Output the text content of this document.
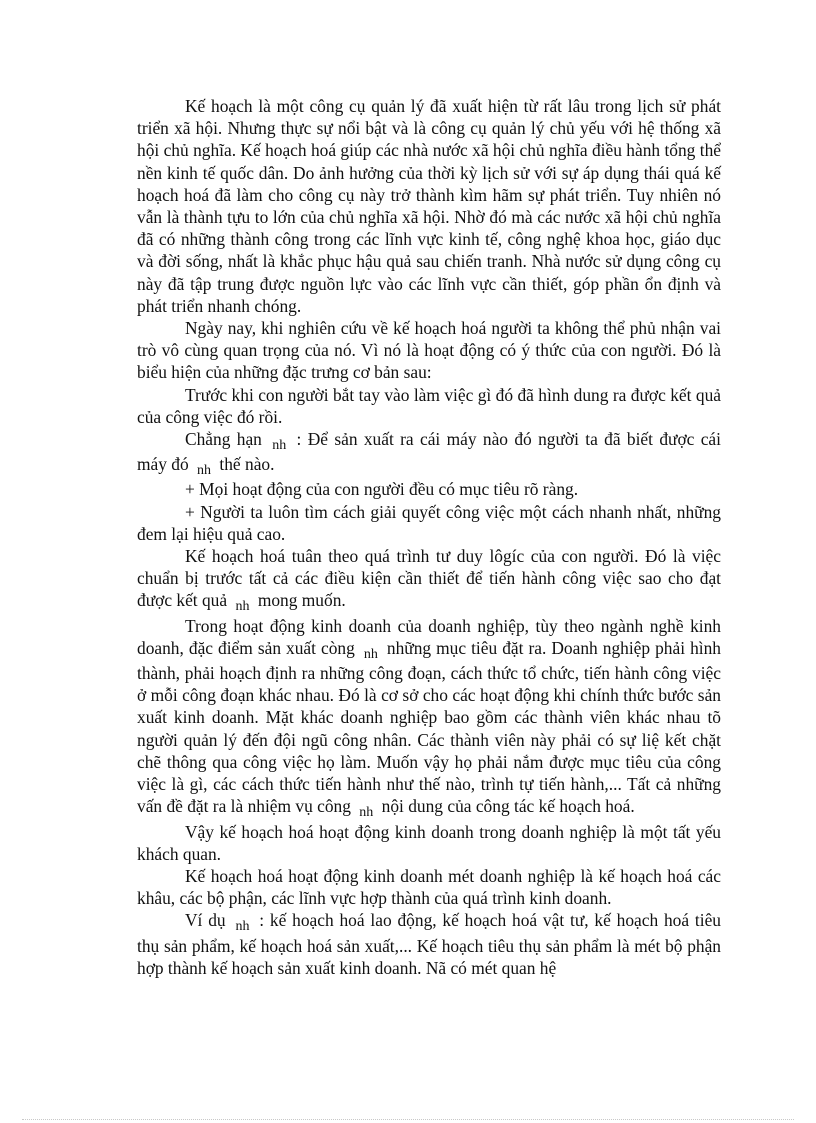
Kế hoạch là một công cụ quản lý đã xuất hiện từ rất lâu trong lịch sử phát triển xã hội. Nhưng thực sự nổi bật và là công cụ quản lý chủ yếu với hệ thống xã hội chủ nghĩa. Kế hoạch hoá giúp các nhà nước xã hội chủ nghĩa điều hành tổng thể nền kinh tế quốc dân. Do ảnh hưởng của thời kỳ lịch sử với sự áp dụng thái quá kế hoạch hoá đã làm cho công cụ này trở thành kìm hãm sự phát triển. Tuy nhiên nó vẫn là thành tựu to lớn của chủ nghĩa xã hội. Nhờ đó mà các nước xã hội chủ nghĩa đã có những thành công trong các lĩnh vực kinh tế, công nghệ khoa học, giáo dục và đời sống, nhất là khắc phục hậu quả sau chiến tranh. Nhà nước sử dụng công cụ này đã tập trung được nguồn lực vào các lĩnh vực cần thiết, góp phần ổn định và phát triển nhanh chóng.

Ngày nay, khi nghiên cứu về kế hoạch hoá người ta không thể phủ nhận vai trò vô cùng quan trọng của nó. Vì nó là hoạt động có ý thức của con người. Đó là biểu hiện của những đặc trưng cơ bản sau:

Trước khi con người bắt tay vào làm việc gì đó đã hình dung ra được kết quả của công việc đó rồi.

Chẳng hạn $_{nh}$ : Để sản xuất ra cái máy nào đó người ta đã biết được cái máy đó $_{nh}$ thế nào.

+ Mọi hoạt động của con người đều có mục tiêu rõ ràng.

+ Người ta luôn tìm cách giải quyết công việc một cách nhanh nhất, những đem lại hiệu quả cao.

Kế hoạch hoá tuân theo quá trình tư duy lôgíc của con người. Đó là việc chuẩn bị trước tất cả các điều kiện cần thiết để tiến hành công việc sao cho đạt được kết quả $_{nh}$ mong muốn.

Trong hoạt động kinh doanh của doanh nghiệp, tùy theo ngành nghề kinh doanh, đặc điểm sản xuất còng $_{nh}$ những mục tiêu đặt ra. Doanh nghiệp phải hình thành, phải hoạch định ra những công đoạn, cách thức tổ chức, tiến hành công việc ở mỗi công đoạn khác nhau. Đó là cơ sở cho các hoạt động khi chính thức bước sản xuất kinh doanh. Mặt khác doanh nghiệp bao gồm các thành viên khác nhau tõ người quản lý đến đội ngũ công nhân. Các thành viên này phải có sự liệ kết chặt chẽ thông qua công việc họ làm. Muốn vậy họ phải nắm được mục tiêu của công việc là gì, các cách thức tiến hành như thế nào, trình tự tiến hành,... Tất cả những vấn đề đặt ra là nhiệm vụ công $_{nh}$ nội dung của công tác kế hoạch hoá.

Vậy kế hoạch hoá hoạt động kinh doanh trong doanh nghiệp là một tất yếu khách quan.

Kế hoạch hoá hoạt động kinh doanh mét doanh nghiệp là kế hoạch hoá các khâu, các bộ phận, các lĩnh vực hợp thành của quá trình kinh doanh.

Ví dụ $_{nh}$ : kế hoạch hoá lao động, kế hoạch hoá vật tư, kế hoạch hoá tiêu thụ sản phẩm, kế hoạch hoá sản xuất,... Kế hoạch tiêu thụ sản phẩm là mét bộ phận hợp thành kế hoạch sản xuất kinh doanh. Nã có mét quan hệ
